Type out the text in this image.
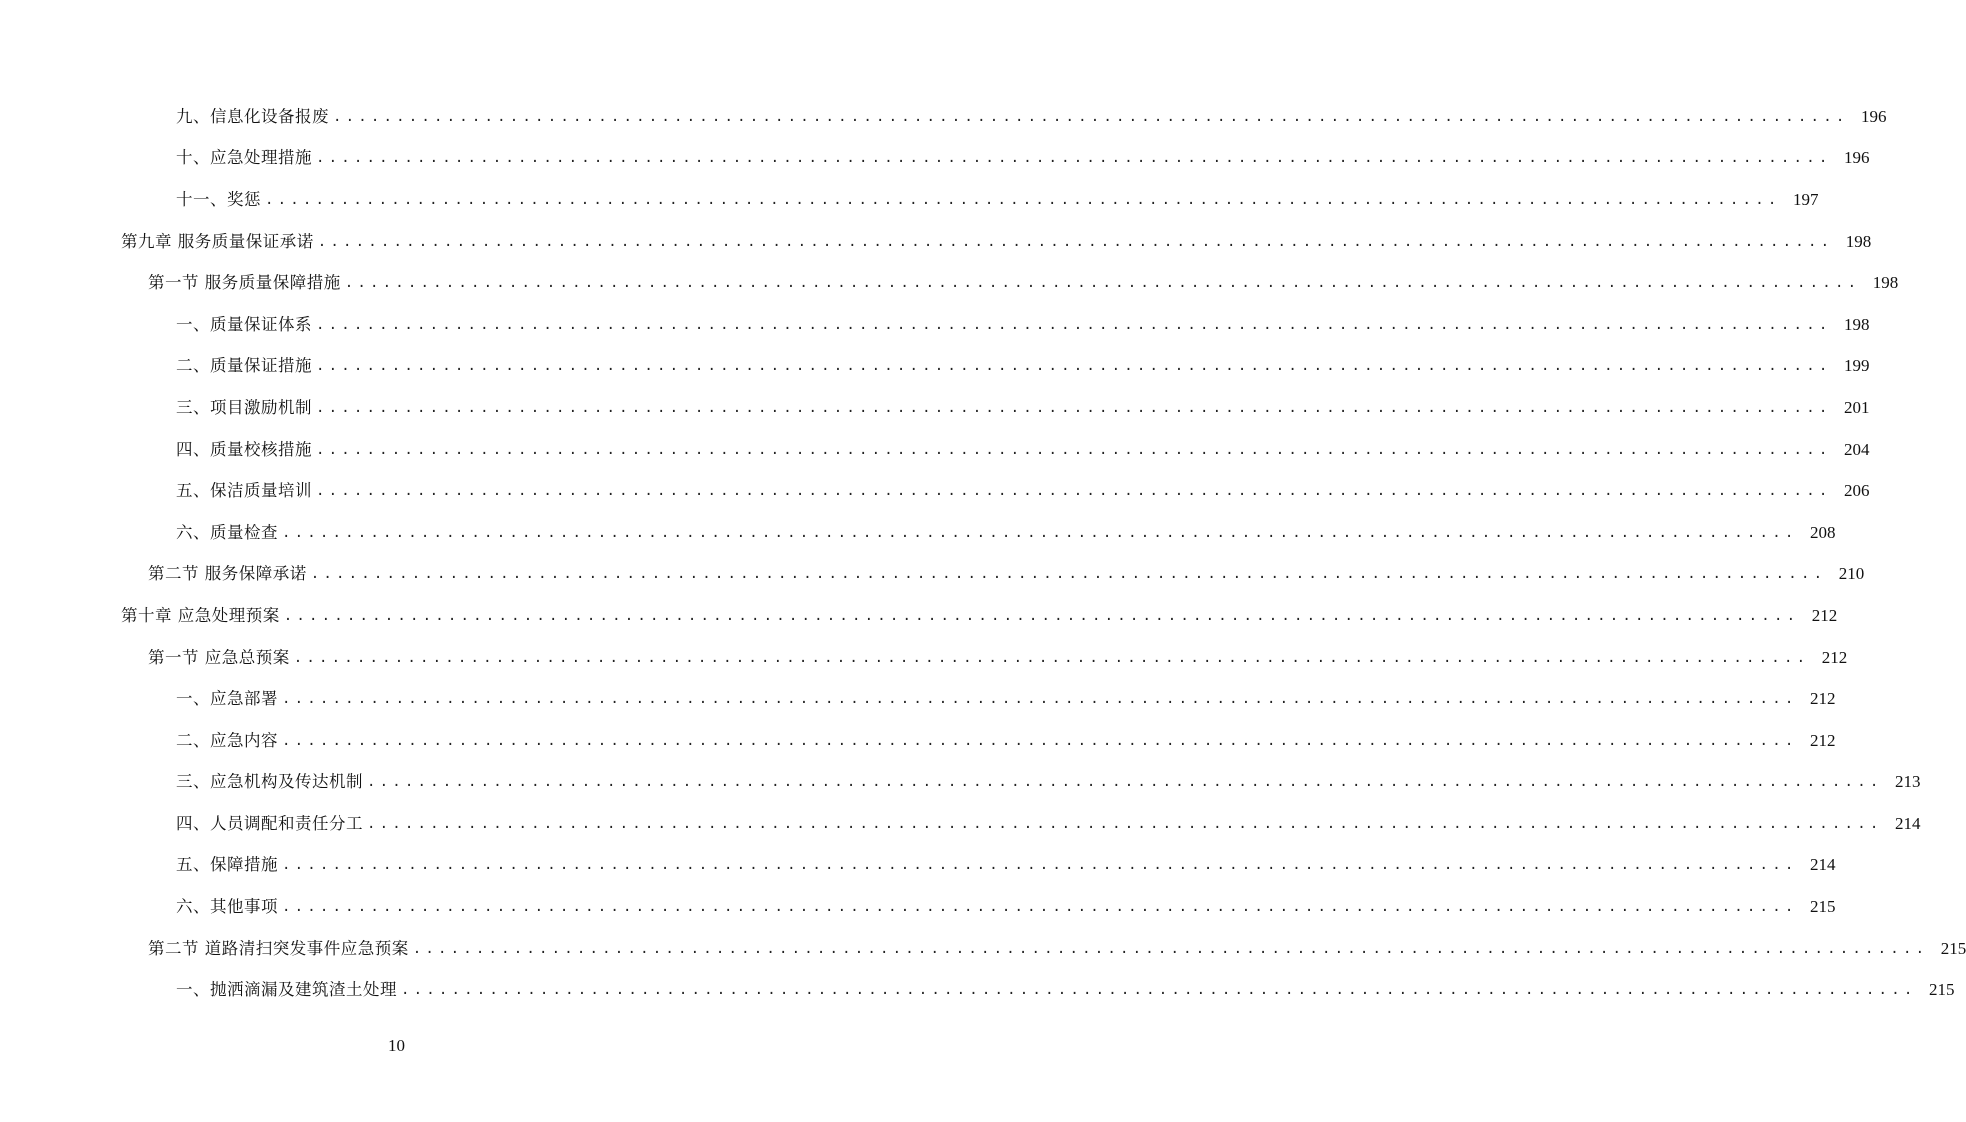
九、信息化设备报废 ........................................................................................................................ 196
十、应急处理措施 ........................................................................................................................ 196
十一、奖惩 ........................................................................................................................ 197
第九章 服务质量保证承诺 ........................................................................................................................ 198
第一节 服务质量保障措施 ........................................................................................................................ 198
一、质量保证体系 ........................................................................................................................ 198
二、质量保证措施 ........................................................................................................................ 199
三、项目激励机制 ........................................................................................................................ 201
四、质量校核措施 ........................................................................................................................ 204
五、保洁质量培训 ........................................................................................................................ 206
六、质量检查 ........................................................................................................................ 208
第二节 服务保障承诺 ........................................................................................................................ 210
第十章 应急处理预案 ........................................................................................................................ 212
第一节 应急总预案 ........................................................................................................................ 212
一、应急部署 ........................................................................................................................ 212
二、应急内容 ........................................................................................................................ 212
三、应急机构及传达机制 ........................................................................................................................ 213
四、人员调配和责任分工 ........................................................................................................................ 214
五、保障措施 ........................................................................................................................ 214
六、其他事项 ........................................................................................................................ 215
第二节 道路清扫突发事件应急预案 ........................................................................................................................ 215
一、抛洒滴漏及建筑渣土处理 ........................................................................................................................ 215
10
